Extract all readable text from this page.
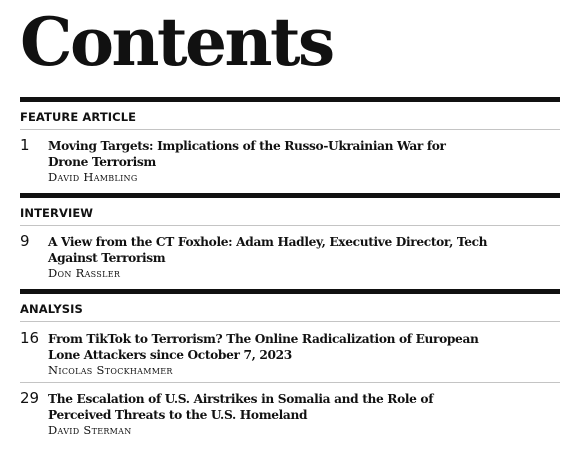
Contents
FEATURE ARTICLE
1 Moving Targets: Implications of the Russo-Ukrainian War for Drone Terrorism
David Hambling
INTERVIEW
9 A View from the CT Foxhole: Adam Hadley, Executive Director, Tech Against Terrorism
Don Rassler
ANALYSIS
16 From TikTok to Terrorism? The Online Radicalization of European Lone Attackers since October 7, 2023
Nicolas Stockhammer
29 The Escalation of U.S. Airstrikes in Somalia and the Role of Perceived Threats to the U.S. Homeland
David Sterman
